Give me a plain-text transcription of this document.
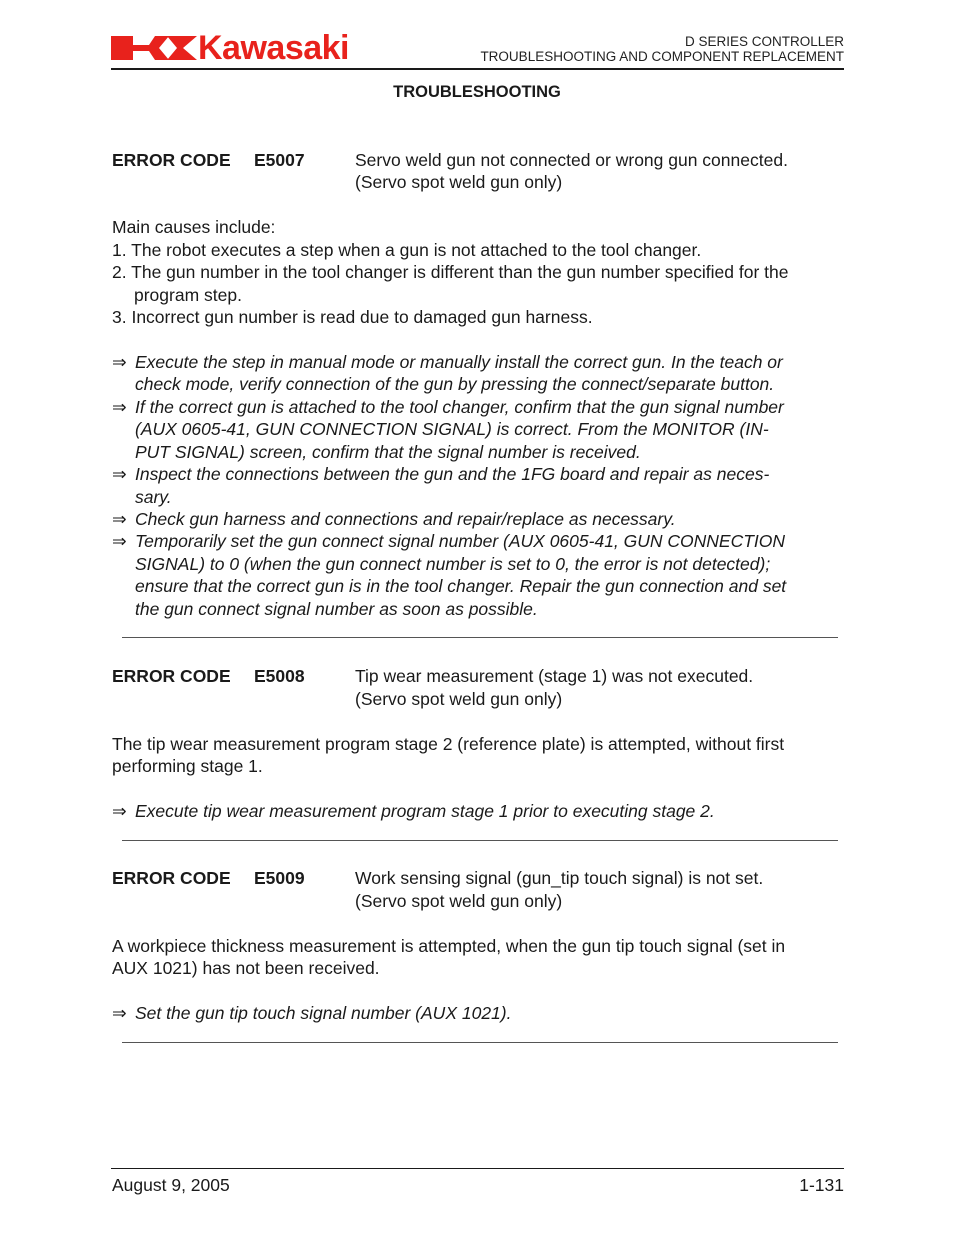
Kawasaki	D SERIES CONTROLLER
TROUBLESHOOTING AND COMPONENT REPLACEMENT
TROUBLESHOOTING
ERROR CODE E5007	Servo weld gun not connected or wrong gun connected.
(Servo spot weld gun only)
Main causes include:
1. The robot executes a step when a gun is not attached to the tool changer.
2. The gun number in the tool changer is different than the gun number specified for the
program step.
3. Incorrect gun number is read due to damaged gun harness.
⇒ Execute the step in manual mode or manually install the correct gun. In the teach or
check mode, verify connection of the gun by pressing the connect/separate button.
⇒ If the correct gun is attached to the tool changer, confirm that the gun signal number
(AUX 0605-41, GUN CONNECTION SIGNAL) is correct. From the MONITOR (IN-
PUT SIGNAL) screen, confirm that the signal number is received.
⇒ Inspect the connections between the gun and the 1FG board and repair as neces-
sary.
⇒ Check gun harness and connections and repair/replace as necessary.
⇒ Temporarily set the gun connect signal number (AUX 0605-41, GUN CONNECTION
SIGNAL) to 0 (when the gun connect number is set to 0, the error is not detected);
ensure that the correct gun is in the tool changer. Repair the gun connection and set
the gun connect signal number as soon as possible.
ERROR CODE E5008	Tip wear measurement (stage 1) was not executed.
(Servo spot weld gun only)
The tip wear measurement program stage 2 (reference plate) is attempted, without first
performing stage 1.
⇒ Execute tip wear measurement program stage 1 prior to executing stage 2.
ERROR CODE E5009	Work sensing signal (gun_tip touch signal) is not set.
(Servo spot weld gun only)
A workpiece thickness measurement is attempted, when the gun tip touch signal (set in
AUX 1021) has not been received.
⇒ Set the gun tip touch signal number (AUX 1021).
August 9, 2005	1-131
